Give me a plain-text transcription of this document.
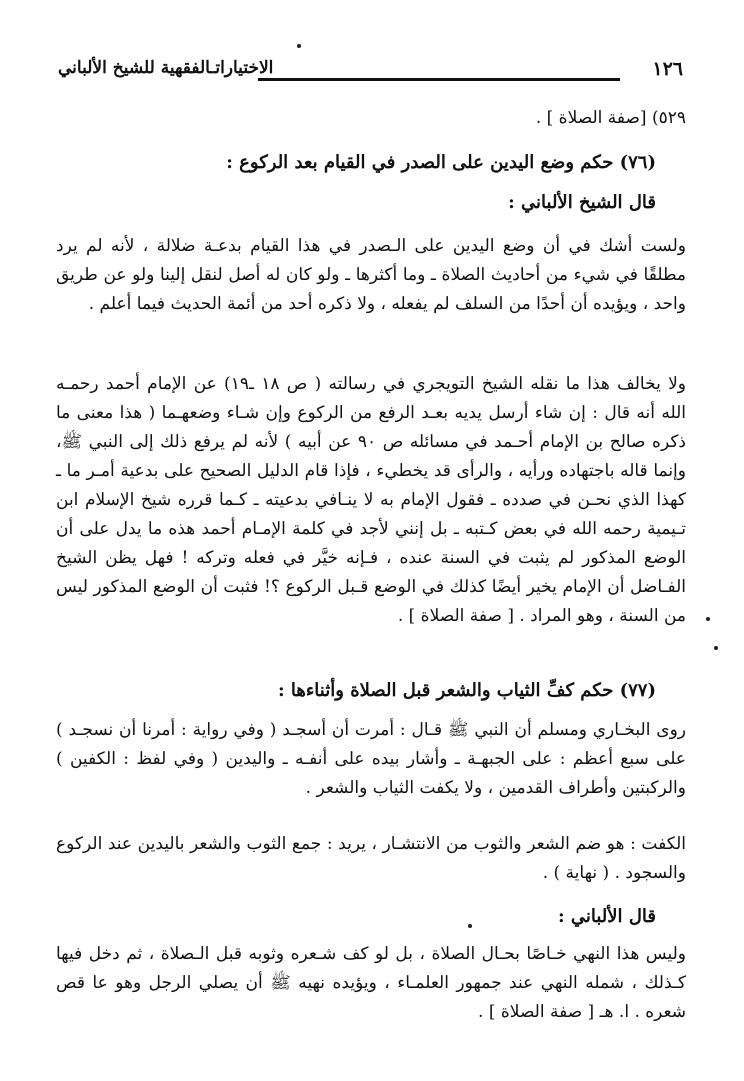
١٢٦
الاختياراتـالفقهية للشيخ الألباني

٥٢٩) [صفة الصلاة ] .

(٧٦) حكم وضع اليدين على الصدر في القيام بعد الركوع :

قال الشيخ الألباني :

ولست أشك في أن وضع اليدين على الـصدر في هذا القيام بدعـة ضلالة ، لأنه لم يرد مطلقًا في شيء من أحاديث الصلاة ـ وما أكثرها ـ ولو كان له أصل لنقل إلينا ولو عن طريق واحد ، ويؤيده أن أحدًا من السلف لم يفعله ، ولا ذكره أحد من أئمة الحديث فيما أعلم .

ولا يخالف هذا ما نقله الشيخ التويجري في رسالته ( ص ١٨ ـ١٩) عن الإمام أحمد رحمـه الله أنه قال : إن شاء أرسل يديه بعـد الرفع من الركوع وإن شـاء وضعهـما ( هذا معنى ما ذكره صالح بن الإمام أحـمد في مسائله ص ٩٠ عن أبيه ) لأنه لم يرفع ذلك إلى النبي ﷺ، وإنما قاله باجتهاده ورأيه ، والرأى قد يخطيء ، فإذا قام الدليل الصحيح على بدعية أمـر ما ـ كهذا الذي نحـن في صدده ـ فقول الإمام به لا ينـافي بدعيته ـ كـما قرره شيخ الإسلام ابن تـيمية رحمه الله في بعض كـتبه ـ بل إنني لأجد في كلمة الإمـام أحمد هذه ما يدل على أن الوضع المذكور لم يثبت في السنة عنده ، فـإنه خيَّر في فعله وتركه ! فهل يظن الشيخ الفـاضل أن الإمام يخير أيضًا كذلك في الوضع قـبل الركوع ؟! فثبت أن الوضع المذكور ليس من السنة ، وهو المراد . [ صفة الصلاة ] .

(٧٧) حكم كفِّ الثياب والشعر قبل الصلاة وأثناءها :

روى البخـاري ومسلم أن النبي ﷺ قـال : أمرت أن أسجـد ( وفي رواية : أمرنا أن نسجـد ) على سبع أعظم : على الجبهـة ـ وأشار بيده على أنفـه ـ واليدين ( وفي لفظ : الكفين ) والركبتين وأطراف القدمين ، ولا يكفت الثياب والشعر .

الكفت : هو ضم الشعر والثوب من الانتشـار ، يريد : جمع الثوب والشعر باليدين عند الركوع والسجود . ( نهاية ) .

قال الألباني :

وليس هذا النهي خـاصًا بحـال الصلاة ، بل لو كف شـعره وثوبه قبل الـصلاة ، ثم دخل فيها كـذلك ، شمله النهي عند جمهور العلمـاء ، ويؤيده نهيه ﷺ أن يصلي الرجل وهو عا قص شعره . ا. هـ [ صفة الصلاة ] .
